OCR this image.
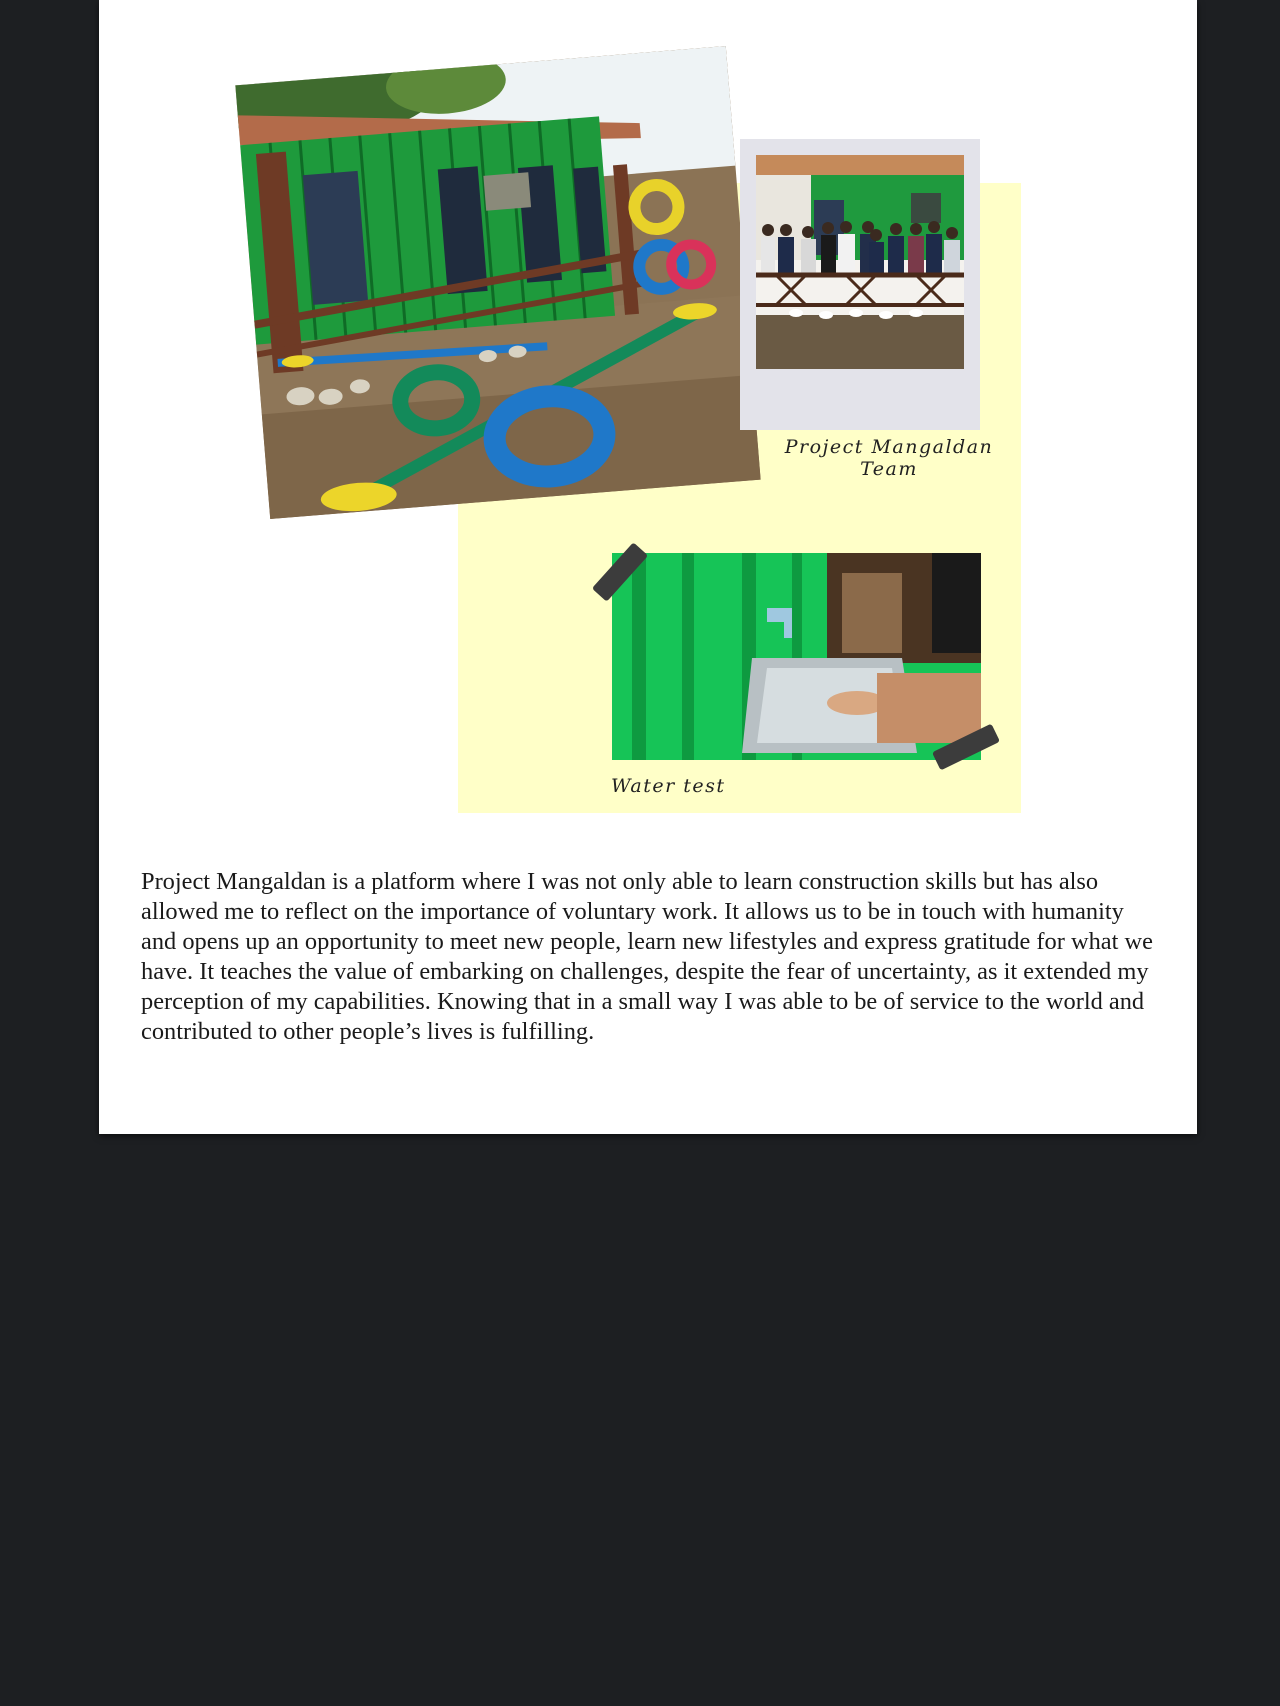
Project Mangaldan Team
Water test

Project Mangaldan is a platform where I was not only able to learn construction skills but has also allowed me to reflect on the importance of voluntary work. It allows us to be in touch with humanity and opens up an opportunity to meet new people, learn new lifestyles and express gratitude for what we have. It teaches the value of embarking on challenges, despite the fear of uncertainty, as it extended my perception of my capabilities. Knowing that in a small way I was able to be of service to the world and contributed to other people’s lives is fulfilling.
